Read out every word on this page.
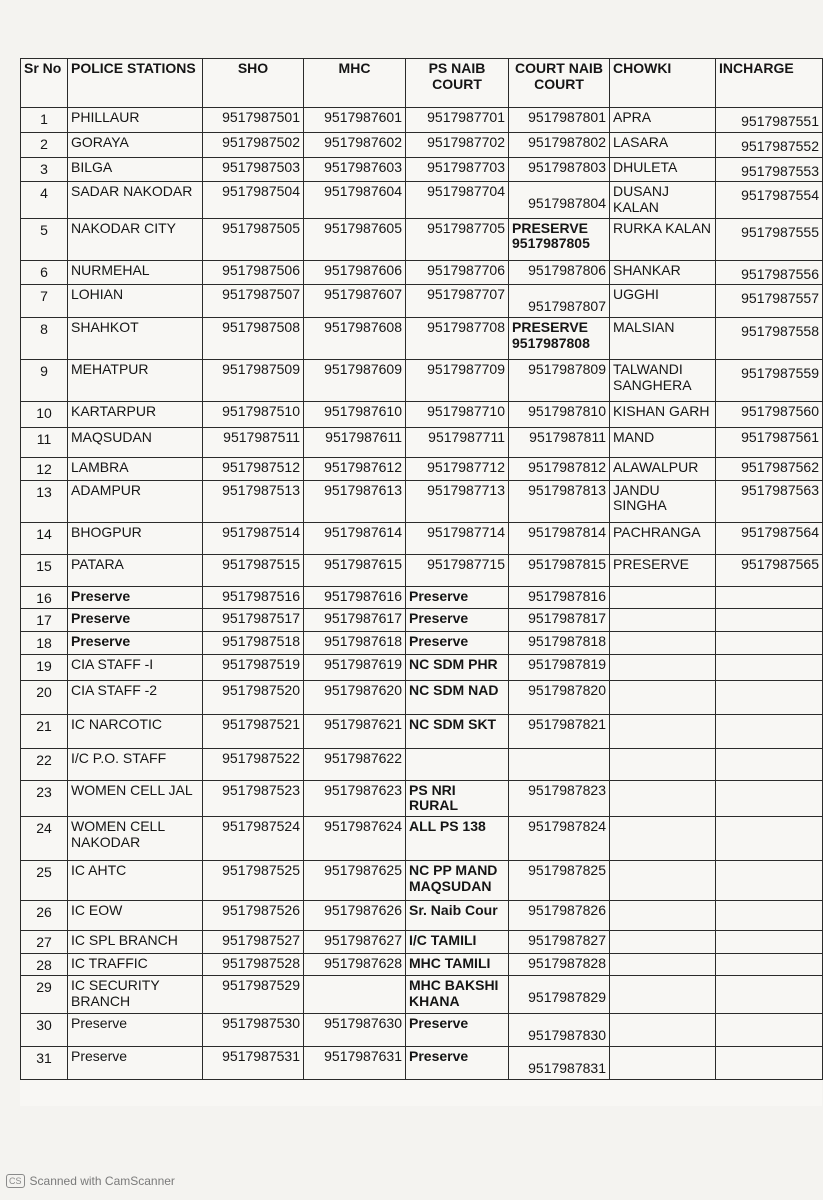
Sr No	POLICE STATIONS	SHO	MHC	PS NAIB COURT	COURT NAIB COURT	CHOWKI	INCHARGE
1	PHILLAUR	9517987501	9517987601	9517987701	9517987801	APRA	9517987551
2	GORAYA	9517987502	9517987602	9517987702	9517987802	LASARA	9517987552
3	BILGA	9517987503	9517987603	9517987703	9517987803	DHULETA	9517987553
4	SADAR NAKODAR	9517987504	9517987604	9517987704	9517987804	DUSANJ KALAN	9517987554
5	NAKODAR CITY	9517987505	9517987605	9517987705	PRESERVE 9517987805	RURKA KALAN	9517987555
6	NURMEHAL	9517987506	9517987606	9517987706	9517987806	SHANKAR	9517987556
7	LOHIAN	9517987507	9517987607	9517987707	9517987807	UGGHI	9517987557
8	SHAHKOT	9517987508	9517987608	9517987708	PRESERVE 9517987808	MALSIAN	9517987558
9	MEHATPUR	9517987509	9517987609	9517987709	9517987809	TALWANDI SANGHERA	9517987559
10	KARTARPUR	9517987510	9517987610	9517987710	9517987810	KISHAN GARH	9517987560
11	MAQSUDAN	9517987511	9517987611	9517987711	9517987811	MAND	9517987561
12	LAMBRA	9517987512	9517987612	9517987712	9517987812	ALAWALPUR	9517987562
13	ADAMPUR	9517987513	9517987613	9517987713	9517987813	JANDU SINGHA	9517987563
14	BHOGPUR	9517987514	9517987614	9517987714	9517987814	PACHRANGA	9517987564
15	PATARA	9517987515	9517987615	9517987715	9517987815	PRESERVE	9517987565
16	Preserve	9517987516	9517987616	Preserve	9517987816		
17	Preserve	9517987517	9517987617	Preserve	9517987817		
18	Preserve	9517987518	9517987618	Preserve	9517987818		
19	CIA STAFF -I	9517987519	9517987619	NC SDM PHR	9517987819		
20	CIA STAFF -2	9517987520	9517987620	NC SDM NAD	9517987820		
21	IC NARCOTIC	9517987521	9517987621	NC SDM SKT	9517987821		
22	I/C P.O. STAFF	9517987522	9517987622				
23	WOMEN CELL JAL	9517987523	9517987623	PS NRI RURAL	9517987823		
24	WOMEN CELL NAKODAR	9517987524	9517987624	ALL PS 138	9517987824		
25	IC AHTC	9517987525	9517987625	NC PP MAND MAQSUDAN	9517987825		
26	IC EOW	9517987526	9517987626	Sr. Naib Cour	9517987826		
27	IC SPL BRANCH	9517987527	9517987627	I/C TAMILI	9517987827		
28	IC TRAFFIC	9517987528	9517987628	MHC TAMILI	9517987828		
29	IC SECURITY BRANCH	9517987529		MHC BAKSHI KHANA	9517987829		
30	Preserve	9517987530	9517987630	Preserve	9517987830		
31	Preserve	9517987531	9517987631	Preserve	9517987831		
CS Scanned with CamScanner
